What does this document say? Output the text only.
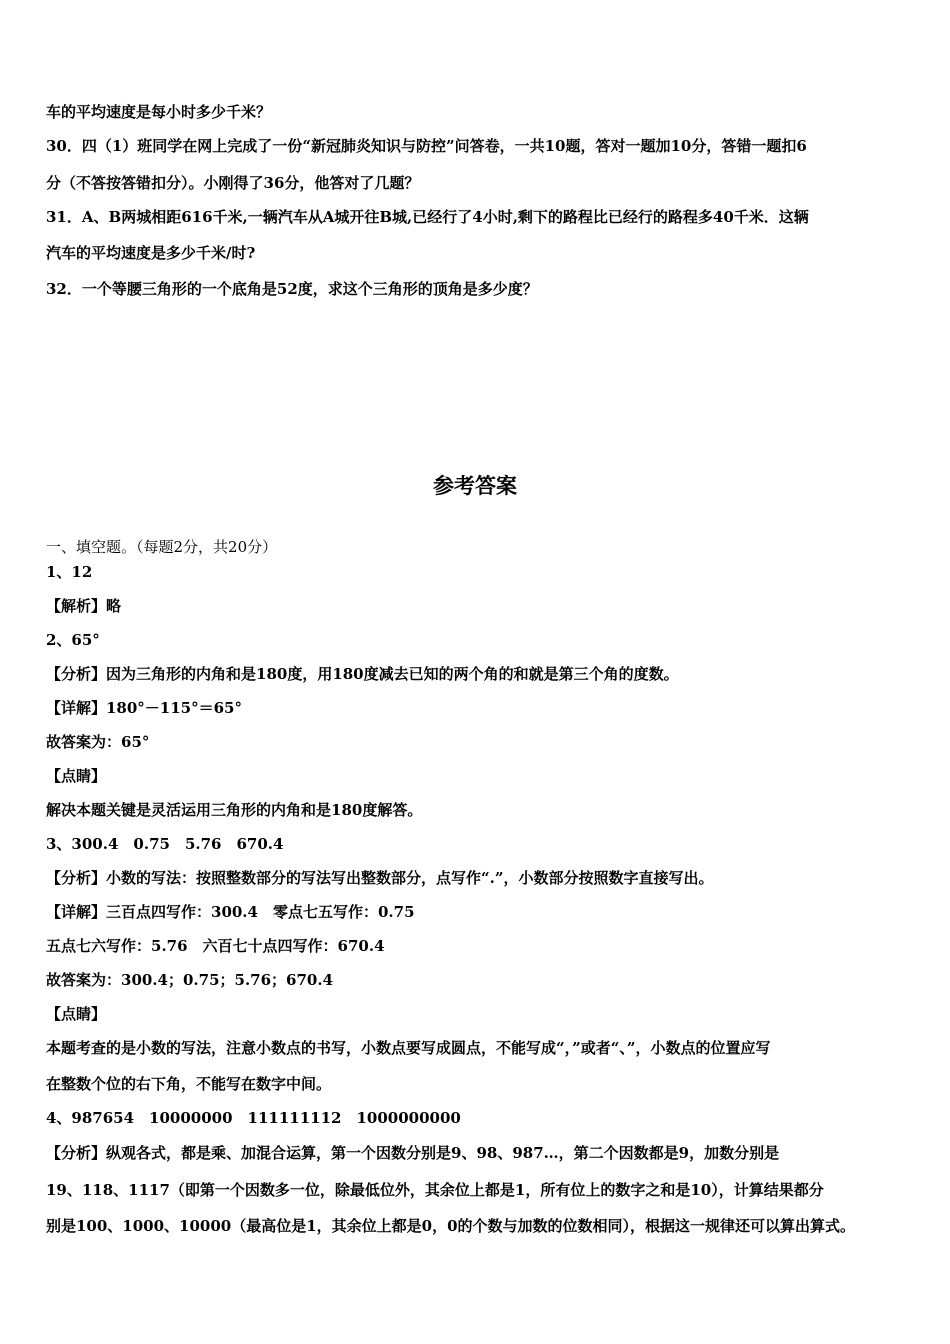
车的平均速度是每小时多少千米？
30．四（1）班同学在网上完成了一份“新冠肺炎知识与防控”问答卷，一共10题，答对一题加10分，答错一题扣6
分（不答按答错扣分）。小刚得了36分，他答对了几题？
31．A、B两城相距616千米,一辆汽车从A城开往B城,已经行了4小时,剩下的路程比已经行的路程多40千米．这辆
汽车的平均速度是多少千米/时?
32．一个等腰三角形的一个底角是52度，求这个三角形的顶角是多少度？
参考答案
一、填空题。（每题2分，共20分）
1、12
【解析】略
2、65°
【分析】因为三角形的内角和是180度，用180度减去已知的两个角的和就是第三个角的度数。
【详解】180°－115°＝65°
故答案为：65°
【点睛】
解决本题关键是灵活运用三角形的内角和是180度解答。
3、300.4　0.75　5.76　670.4
【分析】小数的写法：按照整数部分的写法写出整数部分，点写作“.”，小数部分按照数字直接写出。
【详解】三百点四写作：300.4　零点七五写作：0.75
五点七六写作：5.76　六百七十点四写作：670.4
故答案为：300.4；0.75；5.76；670.4
【点睛】
本题考查的是小数的写法，注意小数点的书写，小数点要写成圆点，不能写成“，”或者“、”，小数点的位置应写
在整数个位的右下角，不能写在数字中间。
4、987654　10000000　111111112　1000000000
【分析】纵观各式，都是乘、加混合运算，第一个因数分别是9、98、987…，第二个因数都是9，加数分别是
19、118、1117（即第一个因数多一位，除最低位外，其余位上都是1，所有位上的数字之和是10），计算结果都分
别是100、1000、10000（最高位是1，其余位上都是0，0的个数与加数的位数相同），根据这一规律还可以算出算式。
